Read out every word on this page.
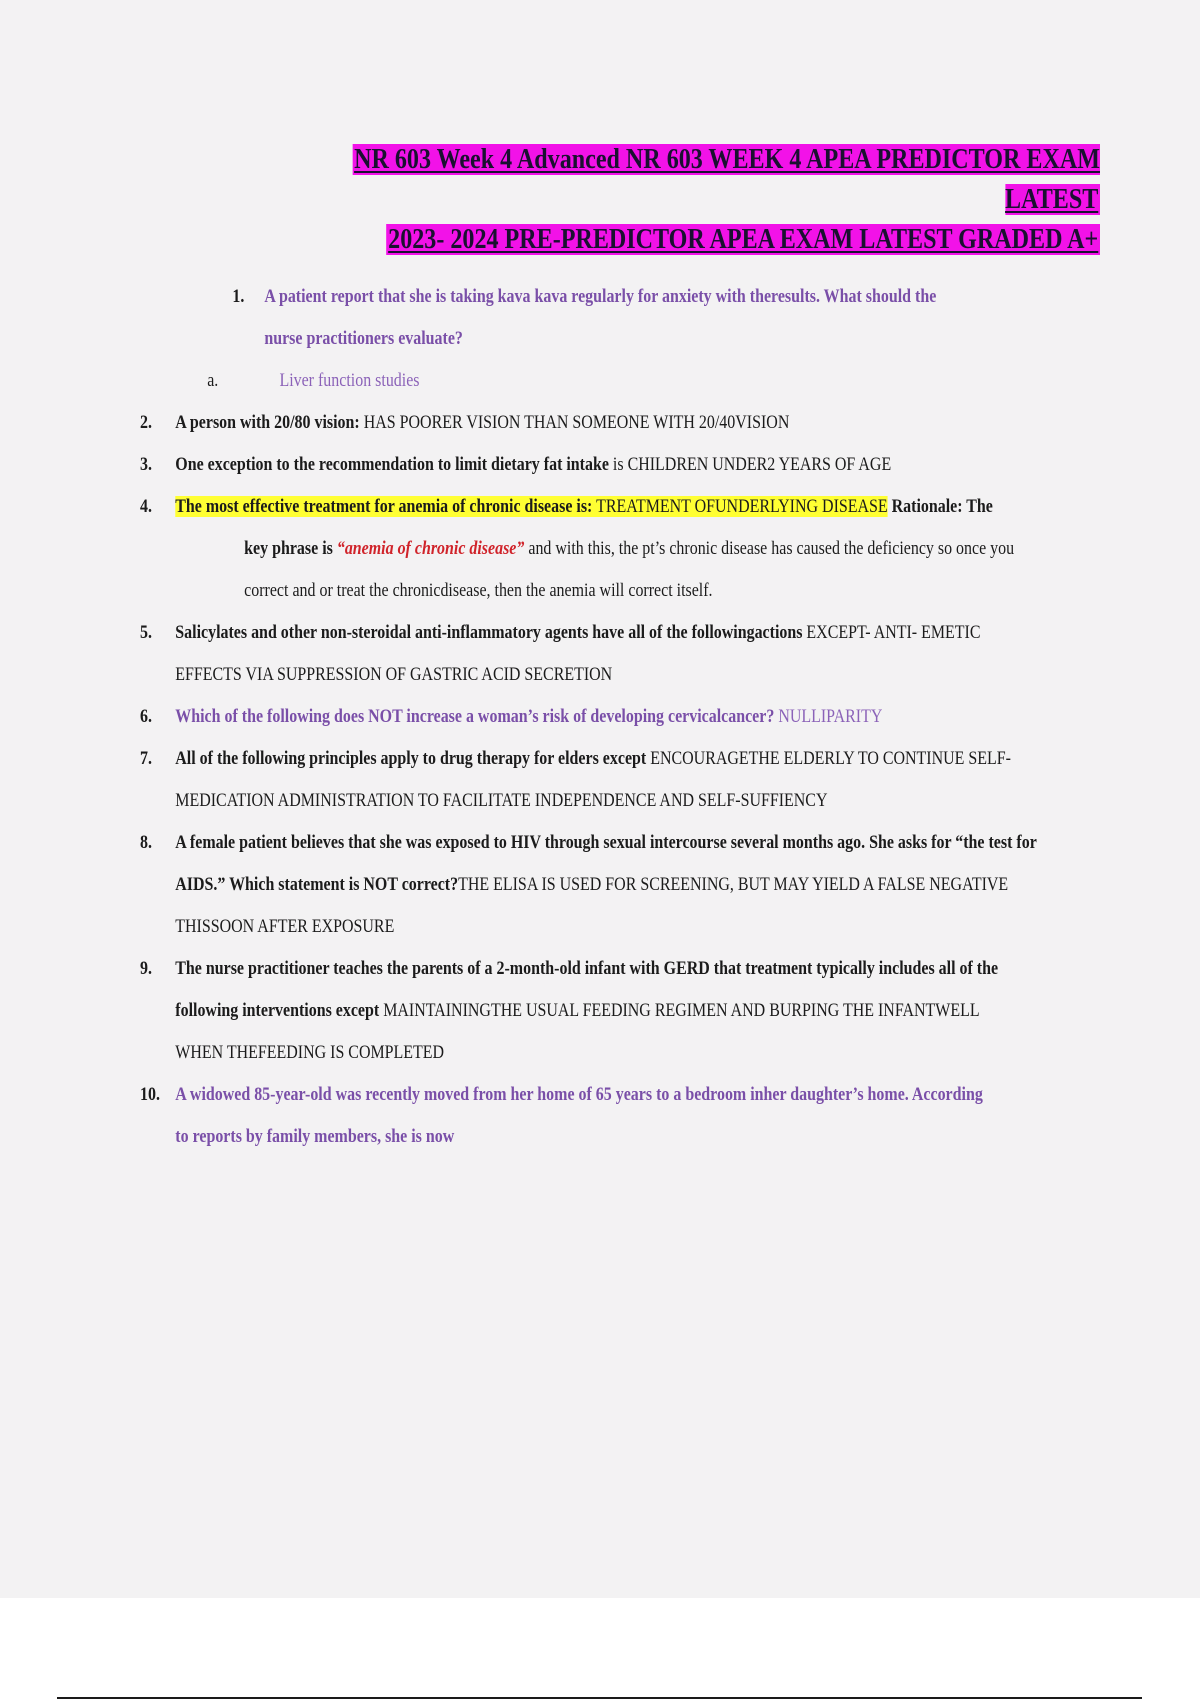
NR 603 Week 4 Advanced NR 603 WEEK 4 APEA PREDICTOR EXAM LATEST
2023- 2024 PRE-PREDICTOR APEA EXAM LATEST GRADED A+
1. A patient report that she is taking kava kava regularly for anxiety with theresults. What should the
nurse practitioners evaluate?
a.	Liver function studies
2. A person with 20/80 vision: HAS POORER VISION THAN SOMEONE WITH 20/40VISION
3. One exception to the recommendation to limit dietary fat intake is CHILDREN UNDER2 YEARS OF AGE
4. The most effective treatment for anemia of chronic disease is: TREATMENT OFUNDERLYING DISEASE Rationale: The
key phrase is “anemia of chronic disease” and with this, the pt’s chronic disease has caused the deficiency so once you
correct and or treat the chronicdisease, then the anemia will correct itself.
5. Salicylates and other non-steroidal anti-inflammatory agents have all of the followingactions EXCEPT- ANTI- EMETIC
EFFECTS VIA SUPPRESSION OF GASTRIC ACID SECRETION
6. Which of the following does NOT increase a woman’s risk of developing cervicalcancer? NULLIPARITY
7. All of the following principles apply to drug therapy for elders except ENCOURAGETHE ELDERLY TO CONTINUE SELF-
MEDICATION ADMINISTRATION TO FACILITATE INDEPENDENCE AND SELF-SUFFIENCY
8. A female patient believes that she was exposed to HIV through sexual intercourse several months ago. She asks for “the test for
AIDS.” Which statement is NOT correct?THE ELISA IS USED FOR SCREENING, BUT MAY YIELD A FALSE NEGATIVE
THISSOON AFTER EXPOSURE
9. The nurse practitioner teaches the parents of a 2-month-old infant with GERD that treatment typically includes all of the
following interventions except MAINTAININGTHE USUAL FEEDING REGIMEN AND BURPING THE INFANTWELL
WHEN THEFEEDING IS COMPLETED
10. A widowed 85-year-old was recently moved from her home of 65 years to a bedroom inher daughter’s home. According
to reports by family members, she is now
